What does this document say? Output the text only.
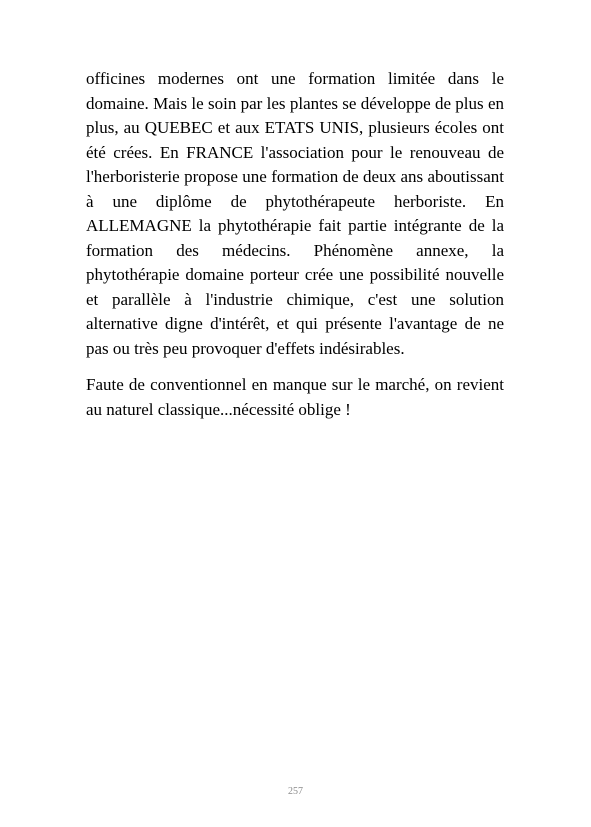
officines modernes ont une formation limitée dans le domaine. Mais le soin par les plantes se développe de plus en plus, au QUEBEC et aux ETATS UNIS, plusieurs écoles ont été crées. En FRANCE l'association pour le renouveau de l'herboristerie propose une formation de deux ans aboutissant à une diplôme de phytothérapeute herboriste. En ALLEMAGNE la phytothérapie fait partie intégrante de la formation des médecins. Phénomène annexe, la phytothérapie domaine porteur crée une possibilité nouvelle et parallèle à l'industrie chimique, c'est une solution alternative digne d'intérêt, et qui présente l'avantage de ne pas ou très peu provoquer d'effets indésirables.

Faute de conventionnel en manque sur le marché, on revient au naturel classique...nécessité oblige !

257
